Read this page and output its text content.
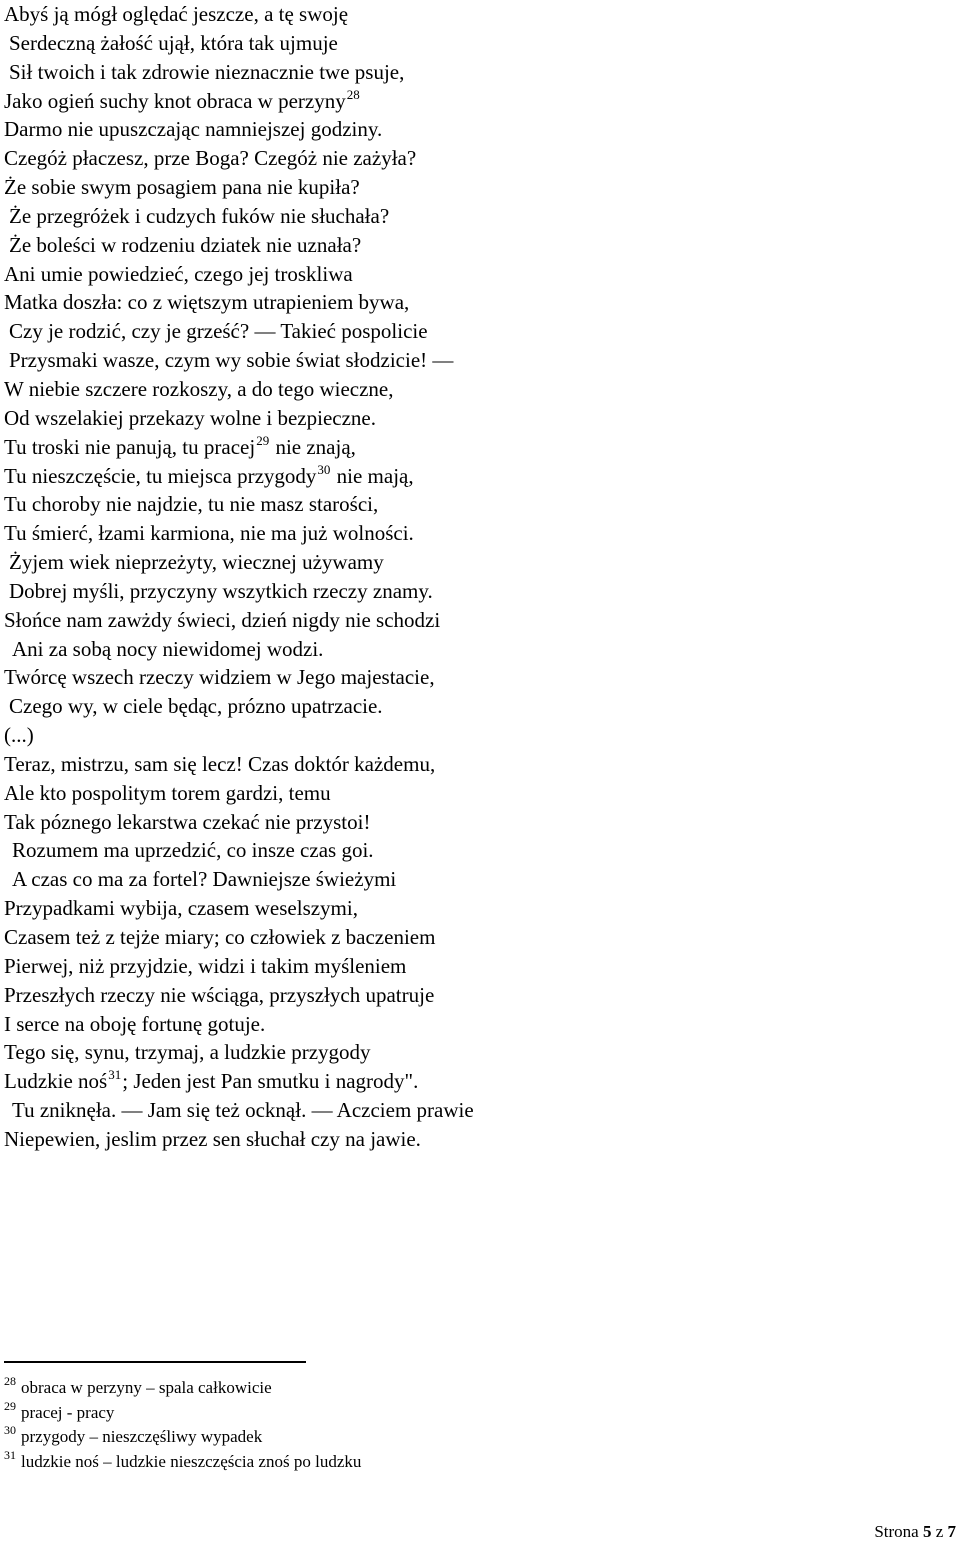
Abyś ją mógł oględać jeszcze, a tę swoję
Serdeczną żałość ujął, która tak ujmuje
Sił twoich i tak zdrowie nieznacznie twe psuje,
Jako ogień suchy knot obraca w perzyny$^{28}$
Darmo nie upuszczając namniejszej godziny.
Czegóż płaczesz, prze Boga? Czegóż nie zażyła?
Że sobie swym posagiem pana nie kupiła?
Że przegróżek i cudzych fuków nie słuchała?
Że boleści w rodzeniu dziatek nie uznała?
Ani umie powiedzieć, czego jej troskliwa
Matka doszła: co z więtszym utrapieniem bywa,
Czy je rodzić, czy je grześć? — Takieć pospolicie
Przysmaki wasze, czym wy sobie świat słodzicie! —
W niebie szczere rozkoszy, a do tego wieczne,
Od wszelakiej przekazy wolne i bezpieczne.
Tu troski nie panują, tu pracej$^{29}$ nie znają,
Tu nieszczęście, tu miejsca przygody$^{30}$ nie mają,
Tu choroby nie najdzie, tu nie masz starości,
Tu śmierć, łzami karmiona, nie ma już wolności.
Żyjem wiek nieprzeżyty, wiecznej używamy
Dobrej myśli, przyczyny wszytkich rzeczy znamy.
Słońce nam zawżdy świeci, dzień nigdy nie schodzi
Ani za sobą nocy niewidomej wodzi.
Twórcę wszech rzeczy widziem w Jego majestacie,
Czego wy, w ciele będąc, prózno upatrzacie.
(...)
Teraz, mistrzu, sam się lecz! Czas doktór każdemu,
Ale kto pospolitym torem gardzi, temu
Tak póznego lekarstwa czekać nie przystoi!
Rozumem ma uprzedzić, co insze czas goi.
A czas co ma za fortel? Dawniejsze świeżymi
Przypadkami wybija, czasem weselszymi,
Czasem też z tejże miary; co człowiek z baczeniem
Pierwej, niż przyjdzie, widzi i takim myśleniem
Przeszłych rzeczy nie wściąga, przyszłych upatruje
I serce na oboję fortunę gotuje.
Tego się, synu, trzymaj, a ludzkie przygody
Ludzkie noś$^{31}$; Jeden jest Pan smutku i nagrody".
Tu zniknęła. — Jam się też ocknął. — Aczciem prawie
Niepewien, jeslim przez sen słuchał czy na jawie.
$^{28}$ obraca w perzyny – spala całkowicie
$^{29}$ pracej - pracy
$^{30}$ przygody – nieszczęśliwy wypadek
$^{31}$ ludzkie noś – ludzkie nieszczęścia znoś po ludzku
Strona 5 z 7
